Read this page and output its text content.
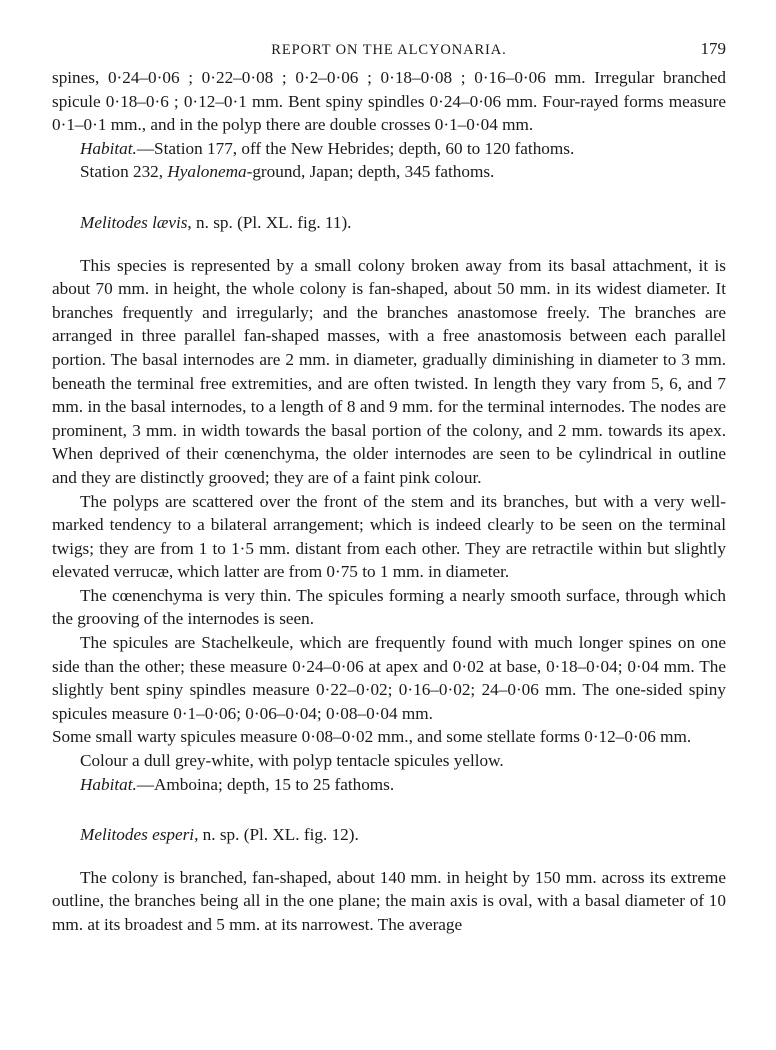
REPORT ON THE ALCYONARIA.	179

spines, 0·24–0·06 ; 0·22–0·08 ; 0·2–0·06 ; 0·18–0·08 ; 0·16–0·06 mm. Irregular branched spicule 0·18–0·6 ; 0·12–0·1 mm. Bent spiny spindles 0·24–0·06 mm. Four-rayed forms measure 0·1–0·1 mm., and in the polyp there are double crosses 0·1–0·04 mm.

Habitat.—Station 177, off the New Hebrides; depth, 60 to 120 fathoms.

Station 232, Hyalonema-ground, Japan; depth, 345 fathoms.

Melitodes lævis, n. sp. (Pl. XL. fig. 11).

This species is represented by a small colony broken away from its basal attachment, it is about 70 mm. in height, the whole colony is fan-shaped, about 50 mm. in its widest diameter. It branches frequently and irregularly; and the branches anastomose freely. The branches are arranged in three parallel fan-shaped masses, with a free anastomosis between each parallel portion. The basal internodes are 2 mm. in diameter, gradually diminishing in diameter to 3 mm. beneath the terminal free extremities, and are often twisted. In length they vary from 5, 6, and 7 mm. in the basal internodes, to a length of 8 and 9 mm. for the terminal internodes. The nodes are prominent, 3 mm. in width towards the basal portion of the colony, and 2 mm. towards its apex. When deprived of their cœnenchyma, the older internodes are seen to be cylindrical in outline and they are distinctly grooved; they are of a faint pink colour.

The polyps are scattered over the front of the stem and its branches, but with a very well-marked tendency to a bilateral arrangement; which is indeed clearly to be seen on the terminal twigs; they are from 1 to 1·5 mm. distant from each other. They are retractile within but slightly elevated verrucæ, which latter are from 0·75 to 1 mm. in diameter.

The cœnenchyma is very thin. The spicules forming a nearly smooth surface, through which the grooving of the internodes is seen.

The spicules are Stachelkeule, which are frequently found with much longer spines on one side than the other; these measure 0·24–0·06 at apex and 0·02 at base, 0·18–0·04; 0·04 mm. The slightly bent spiny spindles measure 0·22–0·02; 0·16–0·02; 24–0·06 mm. The one-sided spiny spicules measure 0·1–0·06; 0·06–0·04; 0·08–0·04 mm.

Some small warty spicules measure 0·08–0·02 mm., and some stellate forms 0·12–0·06 mm.

Colour a dull grey-white, with polyp tentacle spicules yellow.

Habitat.—Amboina; depth, 15 to 25 fathoms.

Melitodes esperi, n. sp. (Pl. XL. fig. 12).

The colony is branched, fan-shaped, about 140 mm. in height by 150 mm. across its extreme outline, the branches being all in the one plane; the main axis is oval, with a basal diameter of 10 mm. at its broadest and 5 mm. at its narrowest. The average
